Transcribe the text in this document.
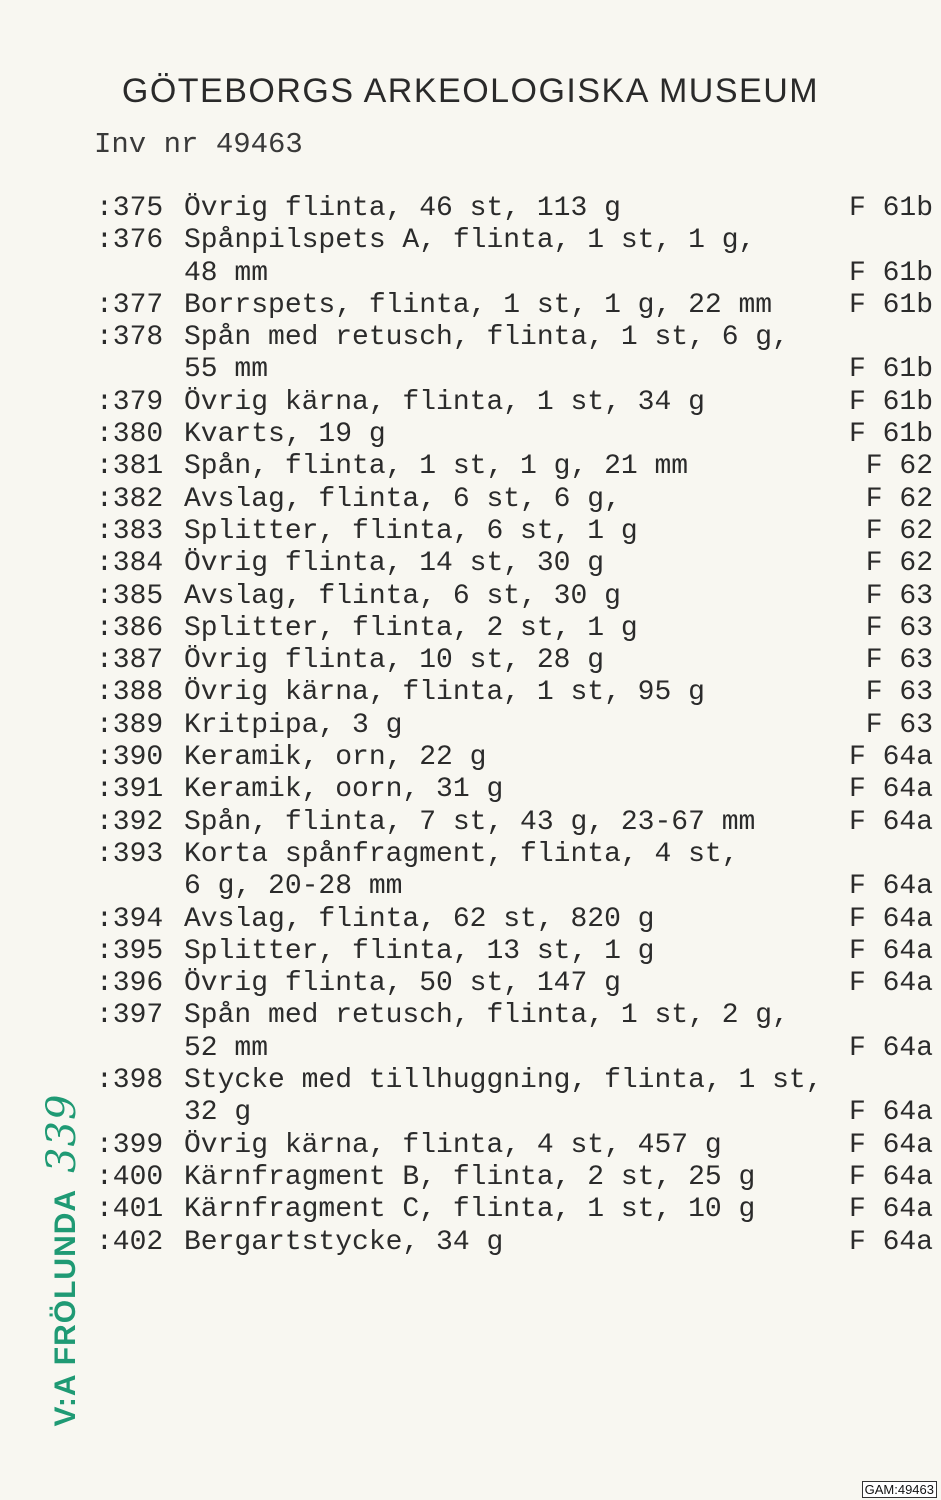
GÖTEBORGS ARKEOLOGISKA MUSEUM
Inv nr 49463
:375 Övrig flinta, 46 st, 113 g	F 61b
:376 Spånpilspets A, flinta, 1 st, 1 g,
48 mm	F 61b
:377 Borrspets, flinta, 1 st, 1 g, 22 mm	F 61b
:378 Spån med retusch, flinta, 1 st, 6 g,
55 mm	F 61b
:379 Övrig kärna, flinta, 1 st, 34 g	F 61b
:380 Kvarts, 19 g	F 61b
:381 Spån, flinta, 1 st, 1 g, 21 mm	F 62
:382 Avslag, flinta, 6 st, 6 g,	F 62
:383 Splitter, flinta, 6 st, 1 g	F 62
:384 Övrig flinta, 14 st, 30 g	F 62
:385 Avslag, flinta, 6 st, 30 g	F 63
:386 Splitter, flinta, 2 st, 1 g	F 63
:387 Övrig flinta, 10 st, 28 g	F 63
:388 Övrig kärna, flinta, 1 st, 95 g	F 63
:389 Kritpipa, 3 g	F 63
:390 Keramik, orn, 22 g	F 64a
:391 Keramik, oorn, 31 g	F 64a
:392 Spån, flinta, 7 st, 43 g, 23-67 mm	F 64a
:393 Korta spånfragment, flinta, 4 st,
6 g, 20-28 mm	F 64a
:394 Avslag, flinta, 62 st, 820 g	F 64a
:395 Splitter, flinta, 13 st, 1 g	F 64a
:396 Övrig flinta, 50 st, 147 g	F 64a
:397 Spån med retusch, flinta, 1 st, 2 g,
52 mm	F 64a
:398 Stycke med tillhuggning, flinta, 1 st,
32 g	F 64a
:399 Övrig kärna, flinta, 4 st, 457 g	F 64a
:400 Kärnfragment B, flinta, 2 st, 25 g	F 64a
:401 Kärnfragment C, flinta, 1 st, 10 g	F 64a
:402 Bergartstycke, 34 g	F 64a
V:A FRÖLUNDA339
GAM:49463
